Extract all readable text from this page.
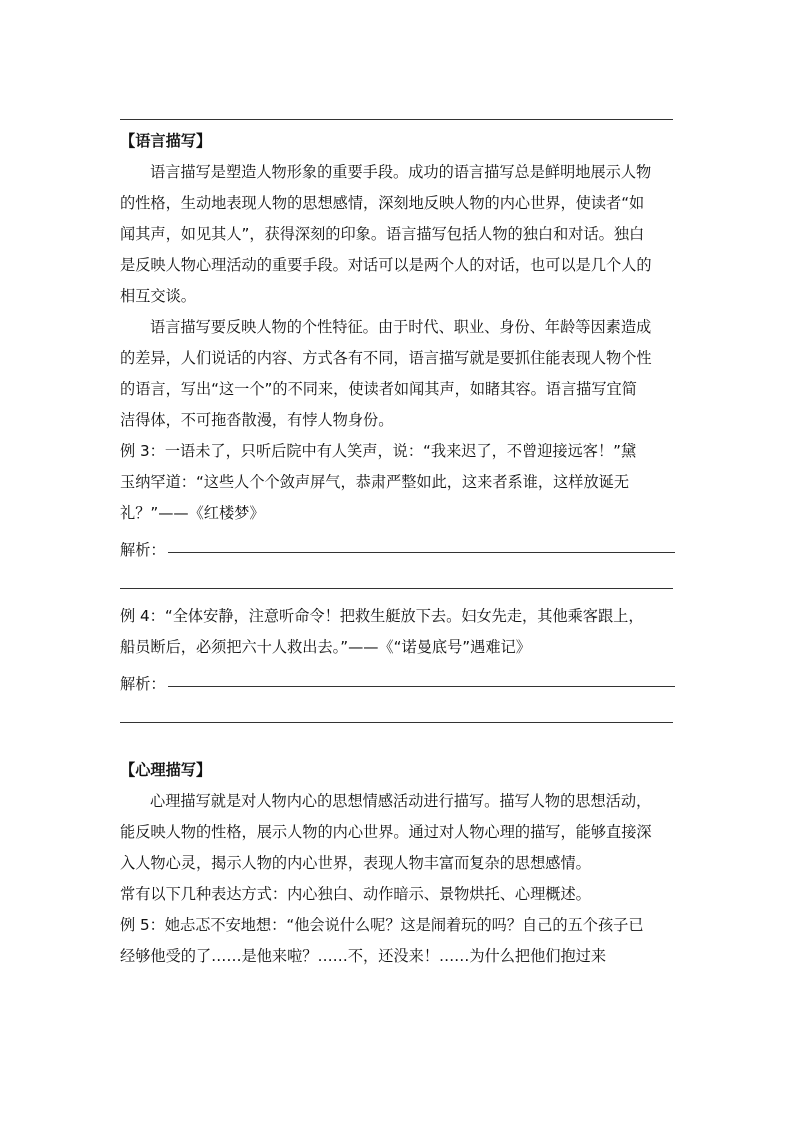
【语言描写】
语言描写是塑造人物形象的重要手段。成功的语言描写总是鲜明地展示人物
的性格，生动地表现人物的思想感情，深刻地反映人物的内心世界，使读者“如
闻其声，如见其人”，获得深刻的印象。语言描写包括人物的独白和对话。独白
是反映人物心理活动的重要手段。对话可以是两个人的对话，也可以是几个人的
相互交谈。
语言描写要反映人物的个性特征。由于时代、职业、身份、年龄等因素造成
的差异，人们说话的内容、方式各有不同，语言描写就是要抓住能表现人物个性
的语言，写出“这一个”的不同来，使读者如闻其声，如睹其容。语言描写宜简
洁得体，不可拖沓散漫，有悖人物身份。
例 3：一语未了，只听后院中有人笑声，说：“我来迟了，不曾迎接远客！”黛
玉纳罕道：“这些人个个敛声屏气，恭肃严整如此，这来者系谁，这样放诞无
礼？”——《红楼梦》
解析：
例 4：“全体安静，注意听命令！把救生艇放下去。妇女先走，其他乘客跟上，
船员断后，必须把六十人救出去。”——《“诺曼底号”遇难记》
解析：
【心理描写】
心理描写就是对人物内心的思想情感活动进行描写。描写人物的思想活动，
能反映人物的性格，展示人物的内心世界。通过对人物心理的描写，能够直接深
入人物心灵，揭示人物的内心世界，表现人物丰富而复杂的思想感情。
常有以下几种表达方式：内心独白、动作暗示、景物烘托、心理概述。
例 5：她忐忑不安地想：“他会说什么呢？这是闹着玩的吗？自己的五个孩子已
经够他受的了……是他来啦？……不，还没来！……为什么把他们抱过来
